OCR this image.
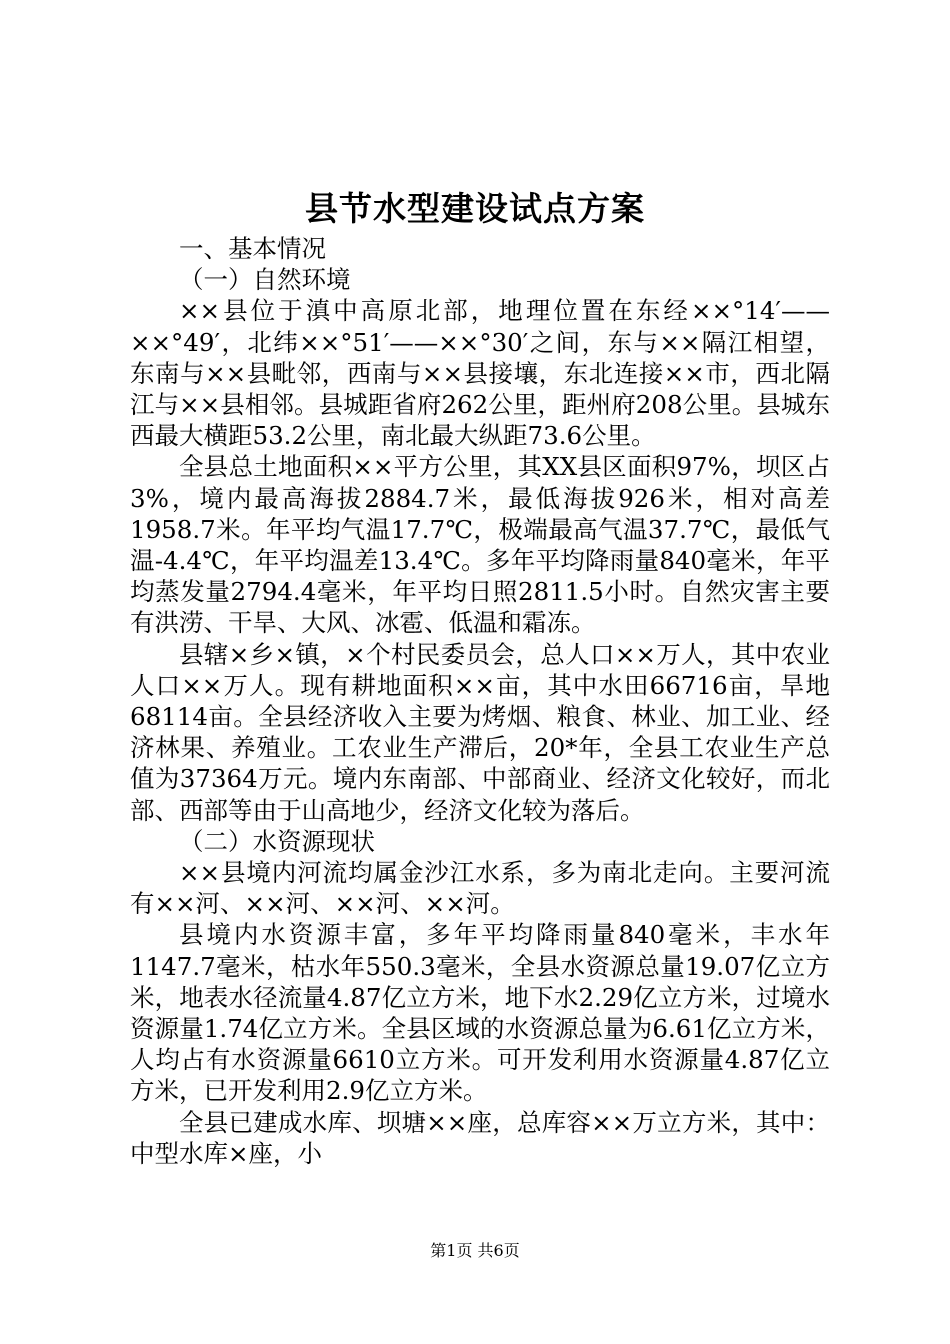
县节水型建设试点方案

一、基本情况

（一）自然环境

××县位于滇中高原北部，地理位置在东经××°14′——××°49′，北纬××°51′——××°30′之间，东与××隔江相望，东南与××县毗邻，西南与××县接壤，东北连接××市，西北隔江与××县相邻。县城距省府262公里，距州府208公里。县城东西最大横距53.2公里，南北最大纵距73.6公里。

全县总土地面积××平方公里，其XX县区面积97%，坝区占3%，境内最高海拔2884.7米，最低海拔926米，相对高差1958.7米。年平均气温17.7℃，极端最高气温37.7℃，最低气温-4.4℃，年平均温差13.4℃。多年平均降雨量840毫米，年平均蒸发量2794.4毫米，年平均日照2811.5小时。自然灾害主要有洪涝、干旱、大风、冰雹、低温和霜冻。

县辖×乡×镇，×个村民委员会，总人口××万人，其中农业人口××万人。现有耕地面积××亩，其中水田66716亩，旱地68114亩。全县经济收入主要为烤烟、粮食、林业、加工业、经济林果、养殖业。工农业生产滞后，20*年，全县工农业生产总值为37364万元。境内东南部、中部商业、经济文化较好，而北部、西部等由于山高地少，经济文化较为落后。

（二）水资源现状

××县境内河流均属金沙江水系，多为南北走向。主要河流有××河、××河、××河、××河。

县境内水资源丰富，多年平均降雨量840毫米，丰水年1147.7毫米，枯水年550.3毫米，全县水资源总量19.07亿立方米，地表水径流量4.87亿立方米，地下水2.29亿立方米，过境水资源量1.74亿立方米。全县区域的水资源总量为6.61亿立方米，人均占有水资源量6610立方米。可开发利用水资源量4.87亿立方米，已开发利用2.9亿立方米。

全县已建成水库、坝塘××座，总库容××万立方米，其中：中型水库×座，小

第1页 共6页
